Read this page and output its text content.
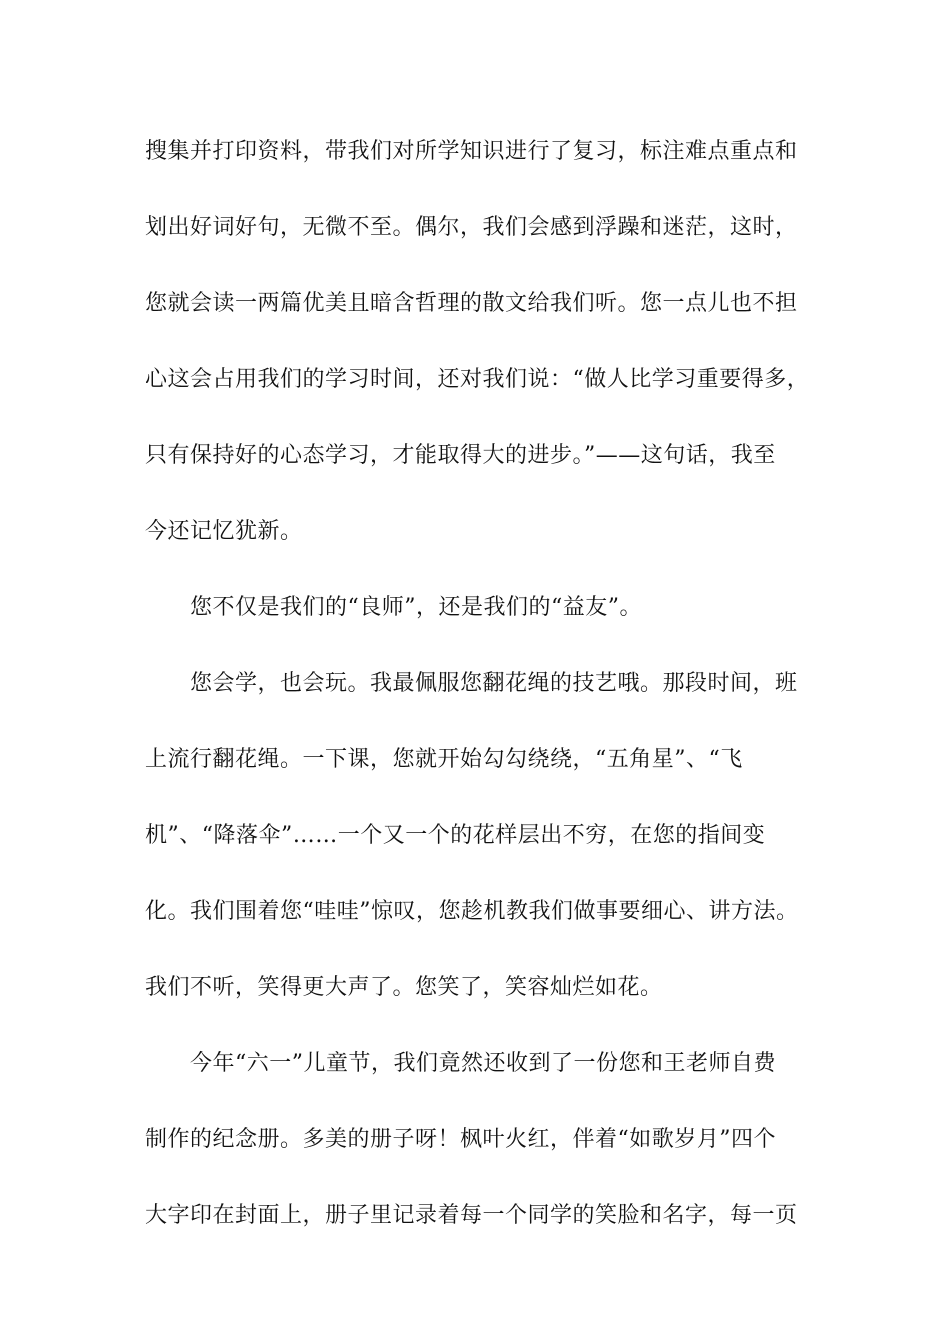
搜集并打印资料，带我们对所学知识进行了复习，标注难点重点和
划出好词好句，无微不至。偶尔，我们会感到浮躁和迷茫，这时，
您就会读一两篇优美且暗含哲理的散文给我们听。您一点儿也不担
心这会占用我们的学习时间，还对我们说：“做人比学习重要得多，
只有保持好的心态学习，才能取得大的进步。”——这句话，我至
今还记忆犹新。
您不仅是我们的“良师”，还是我们的“益友”。
您会学，也会玩。我最佩服您翻花绳的技艺哦。那段时间，班
上流行翻花绳。一下课，您就开始勾勾绕绕，“五角星”、“飞
机”、“降落伞”……一个又一个的花样层出不穷，在您的指间变
化。我们围着您“哇哇”惊叹，您趁机教我们做事要细心、讲方法。
我们不听，笑得更大声了。您笑了，笑容灿烂如花。
今年“六一”儿童节，我们竟然还收到了一份您和王老师自费
制作的纪念册。多美的册子呀！枫叶火红，伴着“如歌岁月”四个
大字印在封面上，册子里记录着每一个同学的笑脸和名字，每一页
